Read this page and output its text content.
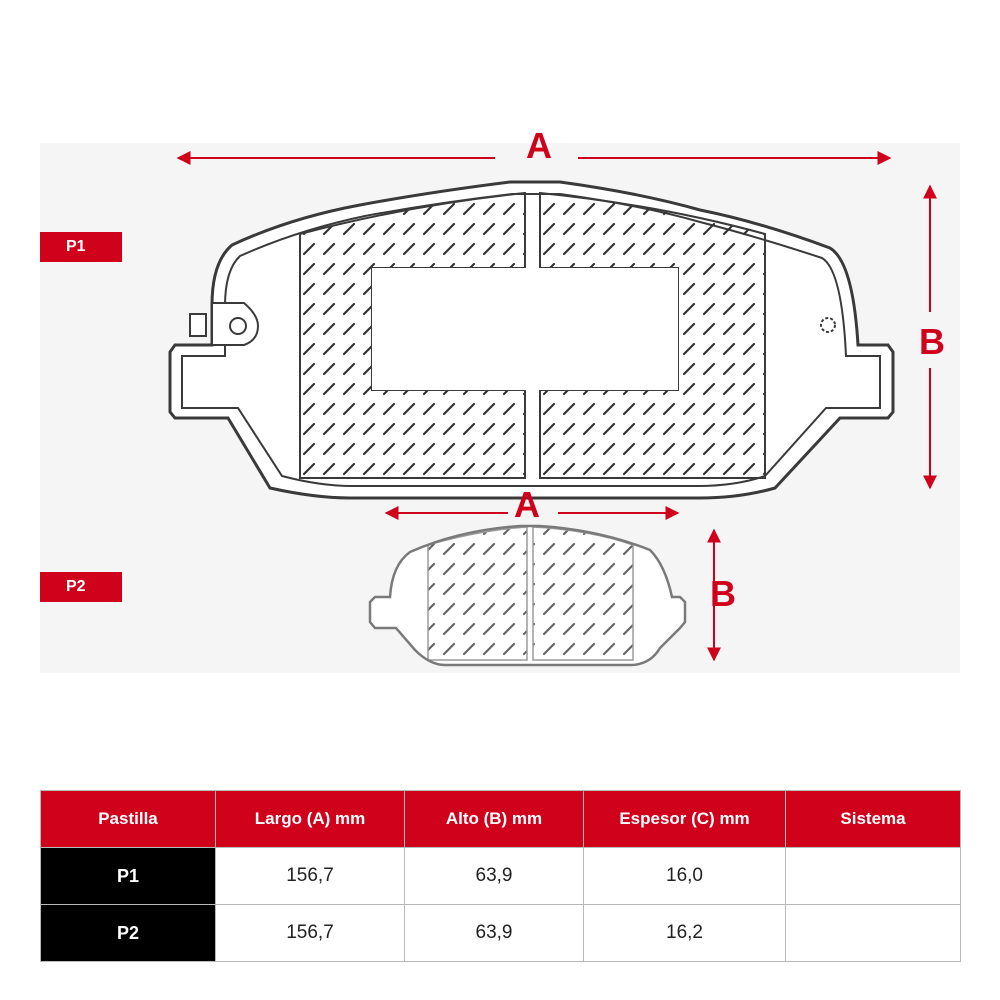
P1
P2
A
B
A
B
Pastilla	Largo (A) mm	Alto (B) mm	Espesor (C) mm	Sistema
P1	156,7	63,9	16,0	
P2	156,7	63,9	16,2	
